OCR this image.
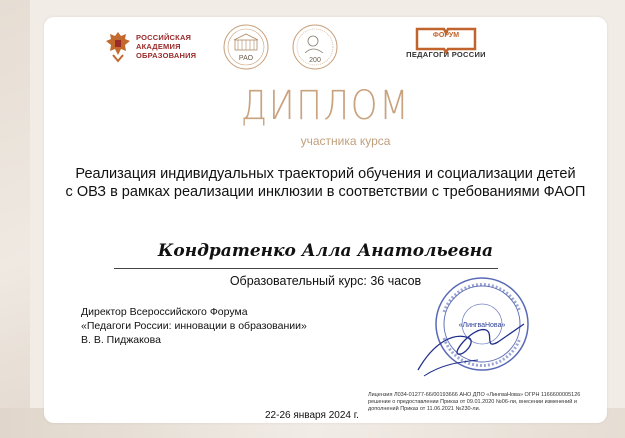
РОССИЙСКАЯ
АКАДЕМИЯ
ОБРАЗОВАНИЯ	РАО	200
ФОРУМ
ПЕДАГОГИ РОССИИ
ДИПЛОМ
участника курса
Реализация индивидуальных траекторий обучения и социализации детей
с ОВЗ в рамках реализации инклюзии в соответствии с требованиями ФАОП
Кондратенко Алла Анатольевна
Образовательный курс: 36 часов
Директор Всероссийского Форума
«Педагоги России: инновации в образовании»
В. В. Пиджакова
«ЛингваНова»
Лицензия Л034-01277-66/00193666 АНО ДПО «ЛингваНова» ОГРН 1166600005126 решение о предоставлении Приказ от 09.01.2020 №06-ли, внесении изменений и дополнений Приказ от 11.06.2021 №230-ли.
22-26 января 2024 г.
